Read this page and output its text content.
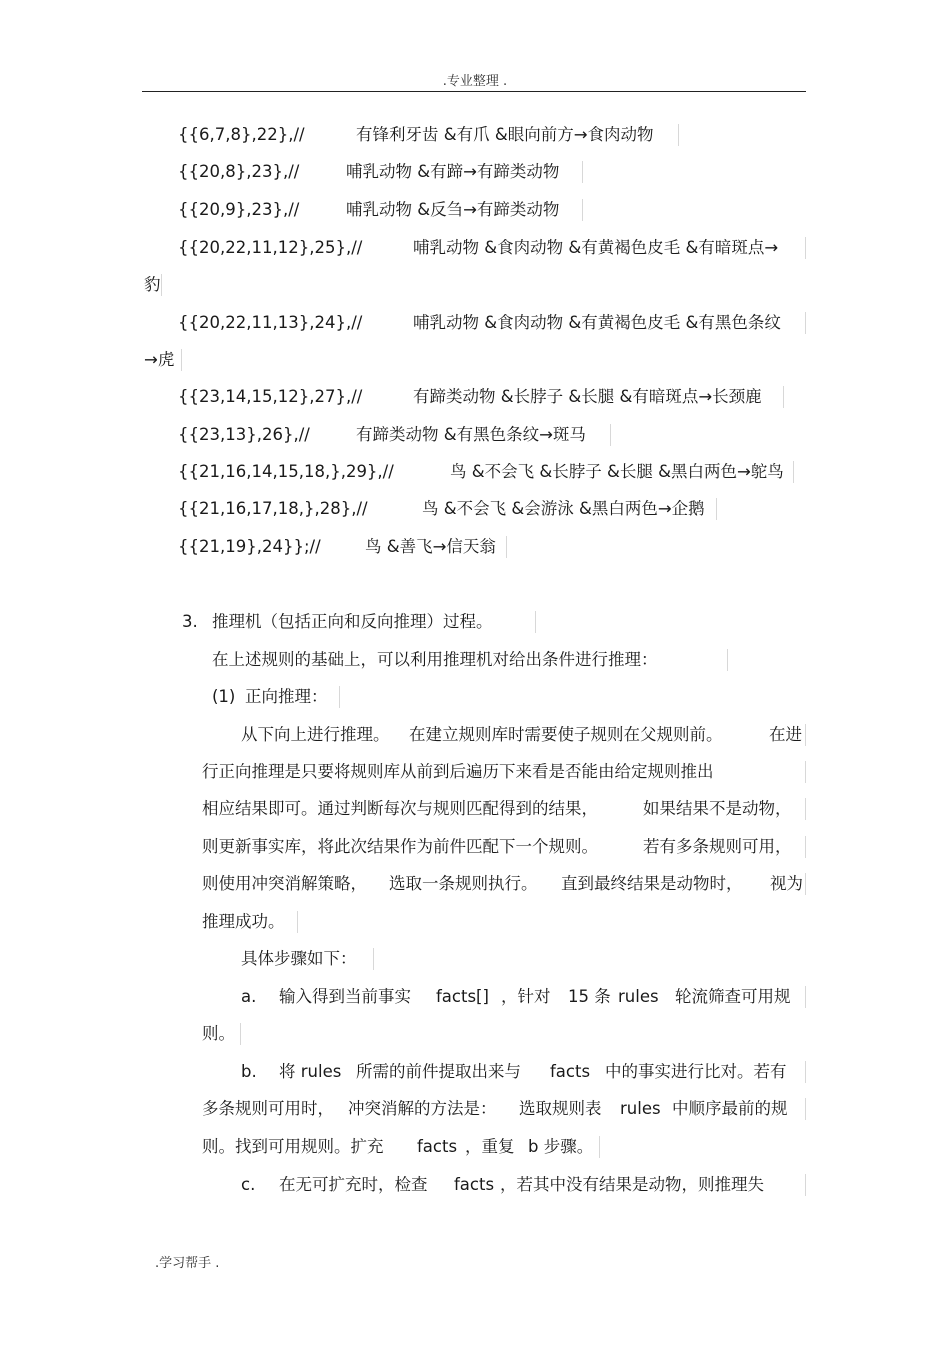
.专业整理 .
{{6,7,8},22},//	有锋利牙齿 &有爪 &眼向前方→食肉动物
{{20,8},23},//	哺乳动物 &有蹄→有蹄类动物
{{20,9},23},//	哺乳动物 &反刍→有蹄类动物
{{20,22,11,12},25},//	哺乳动物 &食肉动物 &有黄褐色皮毛 &有暗斑点→
豹
{{20,22,11,13},24},//	哺乳动物 &食肉动物 &有黄褐色皮毛 &有黑色条纹
→虎
{{23,14,15,12},27},//	有蹄类动物 &长脖子 &长腿 &有暗斑点→长颈鹿
{{23,13},26},//	有蹄类动物 &有黑色条纹→斑马
{{21,16,14,15,18,},29},//	鸟 &不会飞 &长脖子 &长腿 &黑白两色→鸵鸟
{{21,16,17,18,},28},//	鸟 &不会飞 &会游泳 &黑白两色→企鹅
{{21,19},24}};//	鸟 &善飞→信天翁
3. 推理机（包括正向和反向推理）过程。
在上述规则的基础上，可以利用推理机对给出条件进行推理：
(1) 正向推理：
从下向上进行推理。 在建立规则库时需要使子规则在父规则前。	在进
行正向推理是只要将规则库从前到后遍历下来看是否能由给定规则推出
相应结果即可。通过判断每次与规则匹配得到的结果，	如果结果不是动物，
则更新事实库，将此次结果作为前件匹配下一个规则。	若有多条规则可用，
则使用冲突消解策略， 选取一条规则执行。 直到最终结果是动物时， 视为
推理成功。
具体步骤如下：
a. 输入得到当前事实 facts[] ，针对 15 条 rules 轮流筛查可用规
则。
b. 将 rules 所需的前件提取出来与 facts 中的事实进行比对。若有
多条规则可用时， 冲突消解的方法是： 选取规则表 rules 中顺序最前的规
则。找到可用规则。扩充 facts ，重复 b 步骤。
c. 在无可扩充时，检查 facts ，若其中没有结果是动物，则推理失
.学习帮手 .
